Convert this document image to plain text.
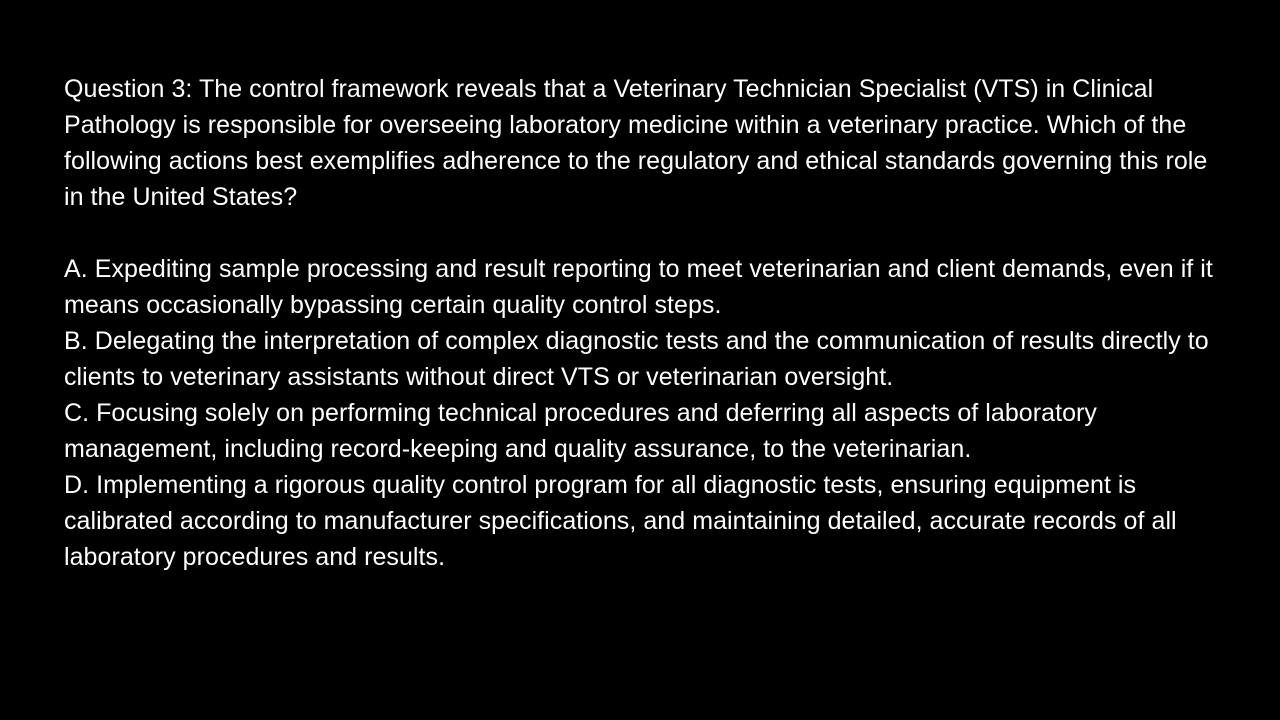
Question 3: The control framework reveals that a Veterinary Technician Specialist (VTS) in Clinical Pathology is responsible for overseeing laboratory medicine within a veterinary practice. Which of the following actions best exemplifies adherence to the regulatory and ethical standards governing this role in the United States?

A. Expediting sample processing and result reporting to meet veterinarian and client demands, even if it means occasionally bypassing certain quality control steps.
B. Delegating the interpretation of complex diagnostic tests and the communication of results directly to clients to veterinary assistants without direct VTS or veterinarian oversight.
C. Focusing solely on performing technical procedures and deferring all aspects of laboratory management, including record-keeping and quality assurance, to the veterinarian.
D. Implementing a rigorous quality control program for all diagnostic tests, ensuring equipment is calibrated according to manufacturer specifications, and maintaining detailed, accurate records of all laboratory procedures and results.
